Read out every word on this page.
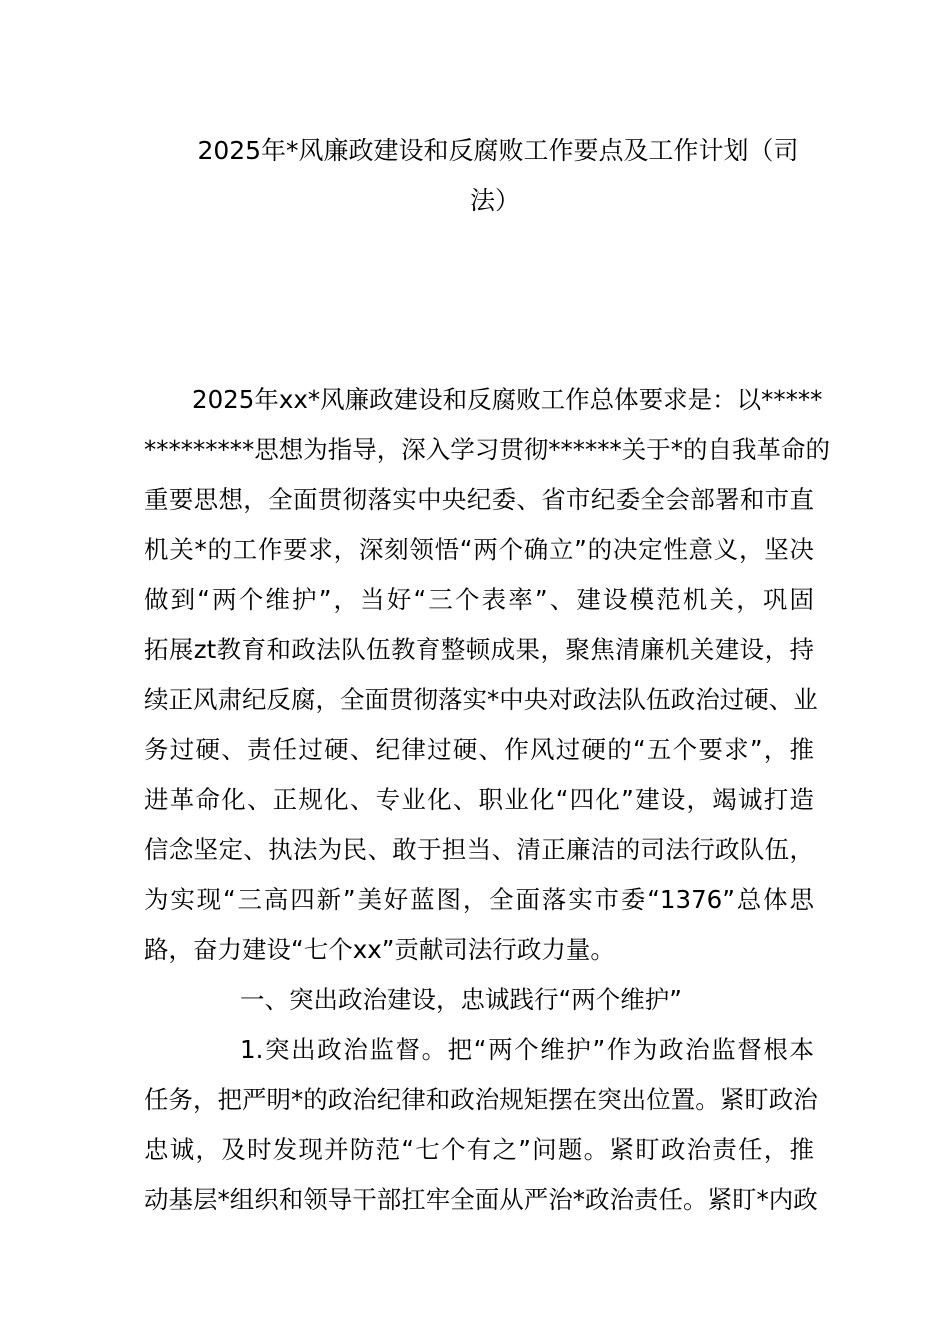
2025年*风廉政建设和反腐败工作要点及工作计划（司
法）
2025年xx*风廉政建设和反腐败工作总体要求是：以*****
*********思想为指导，深入学习贯彻******关于*的自我革命的
重要思想，全面贯彻落实中央纪委、省市纪委全会部署和市直
机关*的工作要求，深刻领悟“两个确立”的决定性意义，坚决
做到“两个维护”，当好“三个表率”、建设模范机关，巩固
拓展zt教育和政法队伍教育整顿成果，聚焦清廉机关建设，持
续正风肃纪反腐，全面贯彻落实*中央对政法队伍政治过硬、业
务过硬、责任过硬、纪律过硬、作风过硬的“五个要求”，推
进革命化、正规化、专业化、职业化“四化”建设，竭诚打造
信念坚定、执法为民、敢于担当、清正廉洁的司法行政队伍，
为实现“三高四新”美好蓝图，全面落实市委“1376”总体思
路，奋力建设“七个xx”贡献司法行政力量。
一、突出政治建设，忠诚践行“两个维护”
1.突出政治监督。把“两个维护”作为政治监督根本
任务，把严明*的政治纪律和政治规矩摆在突出位置。紧盯政治
忠诚，及时发现并防范“七个有之”问题。紧盯政治责任，推
动基层*组织和领导干部扛牢全面从严治*政治责任。紧盯*内政
